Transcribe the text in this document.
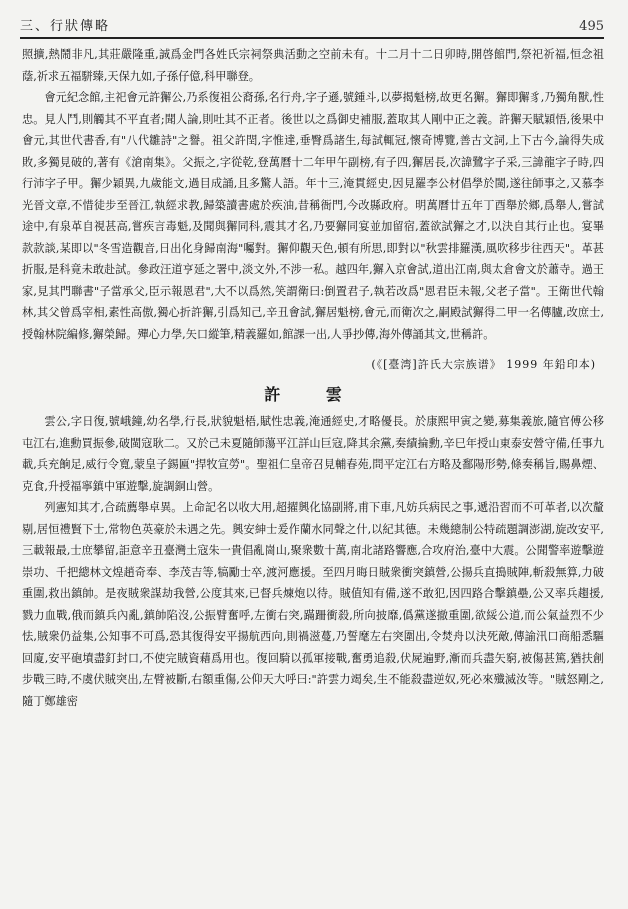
三、行狀傳略	495

照擴,熱鬧非凡,其莊嚴隆重,誠爲金門各姓氏宗祠祭典活動之空前未有。十二月十二日卯時,開啓館門,祭祀祈福,恒念祖蔭,祈求五福駢臻,天保九如,子孫仔億,科甲聯登。

會元紀念館,主祀會元許獬公,乃系復祖公裔孫,名行舟,字子遜,號鍾斗,以夢揭魁榜,故更名獬。獬即獬豸,乃獨角獸,性忠。見人鬥,則觸其不平直者;聞人論,則吐其不正者。後世以之爲御史補服,蓋取其人剛中正之義。許獬天賦穎悟,後果中會元,其世代書香,有"八代雛詩"之譽。祖父許閏,字惟達,垂臀爲諸生,每試輒冠,懷奇博覽,善古文詞,上下古今,論得失成敗,多獨見破的,著有《滄南集》。父振之,字從乾,登萬曆十二年甲午副榜,有子四,獬居長,次諱鷺字子采,三諱龍字子時,四行沛字子甲。獬少穎異,九歲能文,過目成誦,且多驚人語。年十三,淹貫經史,因見羅李公材倡學於閩,遂往師事之,又慕李光晉文章,不惜徒步至晉江,執經求教,歸築讀書處於疾油,昔稱衙門,今改縣政府。明萬曆廿五年丁酉舉於鄉,爲舉人,嘗試途中,有泉革自視甚高,嘗疾言毒魁,及聞與獬同科,震其才名,乃要獬同宴並加留宿,蓋欲試獬之才,以決自其行止也。宴畢款款談,某即以"冬雪造觀音,日出化身歸南海"囑對。獬仰觀天色,頓有所思,即對以"秋雲排羅漢,風吹移步往西天"。革甚折服,是科竟未敢赴試。參政汪道亨延之署中,淡文外,不涉一私。越四年,獬入京會試,道出江南,與太倉會文於蕭寺。過王家,見其門聯書"子當承父,臣示報恩君",大不以爲然,笑謂衛曰:倒置君子,執若改爲"恩君臣未報,父老子當"。王衛世代翰林,其父曾爲宰相,素性高傲,獨心折許獬,引爲知己,辛丑會試,獬居魁榜,會元,而衛次之,嗣殿試獬得二甲一名傳臚,改庶士,授翰林院編修,獬榮歸。殫心力學,矢口縱筆,精義羅如,館課一出,人爭抄傳,海外傳誦其文,世稱許。

(《[臺湾]許氏大宗族谱》 1999 年鉛印本)
許 雲

雲公,字日復,號峨鐘,幼名學,行長,狀貌魁梧,賦性忠義,淹通經史,才略優長。於康熙甲寅之變,募集義旅,隨官傅公移屯江右,進勳買振參,破閩寇耿二。又於己未夏隨師蕩平江詳山巨寇,降其余黨,奏績掄勳,辛巳年授山東泰安營守備,任事九載,兵充餉足,威行令寬,蒙皇子錫匾"捍牧宣勞"。聖祖仁皇帝召見輔春苑,問平定江右方略及鄱陽形勢,條奏稱旨,賜鼻煙、克食,升授福寧鎮中軍遊擊,旋調銅山營。

列憲知其才,合疏薦舉卓異。上命記名以收大用,超擢興化協副將,甫下車,凡妨兵病民之事,遞沿習而不可革者,以次釐剔,居恒禮賢下士,常物色英豪於未遇之先。興安紳士爰作蘭水同聲之什,以紀其德。未幾總制公特疏題調澎湖,旋改安平,三載報最,士庶攀留,詎意辛丑臺灣土寇朱一貴倡亂崗山,聚衆數十萬,南北諸路響應,合攻府治,臺中大震。公聞警率遊擊遊崇功、千把總林文煌趙奇奉、李茂吉等,犒勵士卒,渡河應援。至四月晦日賊衆衝突鎮營,公揚兵直搗賊陣,斬殺無算,力破重圍,救出鎮帥。是夜賊衆謀劫我營,公度其來,已督兵煉炮以待。賊值知有備,遂不敢犯,因四路合擊鎮壘,公又率兵趨援,戮力血戰,俄而鎮兵內亂,鎮帥陷沒,公振臂奮呼,左衝右突,蹣跚衝殺,所向披靡,僞黨遂撤重圍,欲綏公道,而公氣益烈不少怯,賊衆仍益集,公知事不可爲,恐其復得安平揚航西向,則禍滋蔓,乃誓麾左右突圍出,令焚舟以決死敵,傳諭汛口商船悉驅回廈,安平砲墳盡釘封口,不使完賊資藉爲用也。復回騎以孤軍接戰,奮勇追殺,伏屍遍野,漸而兵盡矢窮,被傷甚篤,猶扶創步戰三時,不虞伏賊突出,左臂被斷,右額重傷,公仰天大呼曰:"許雲力竭矣,生不能殺盡逆奴,死必來殲滅汝等。"賊怒剛之,隨丁鄭雄密
